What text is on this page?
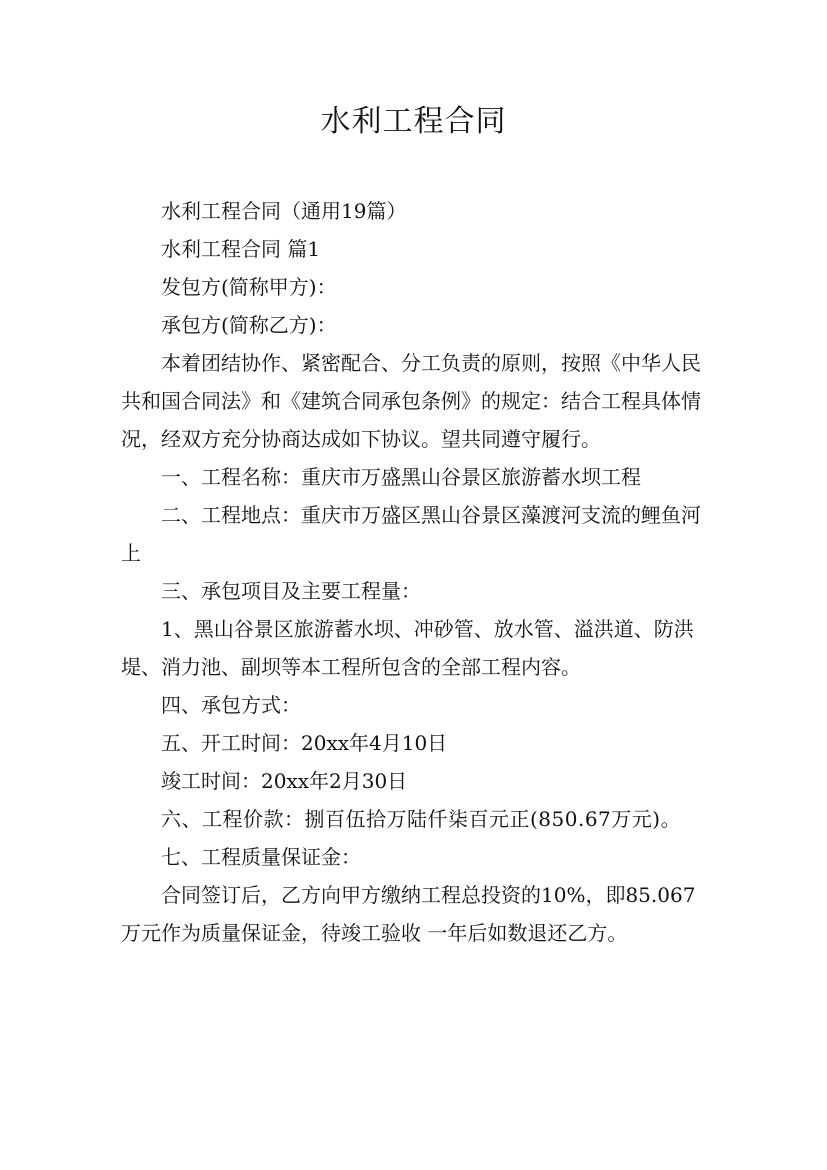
水利工程合同

水利工程合同（通用19篇）

水利工程合同 篇1

发包方(简称甲方)：

承包方(简称乙方)：

本着团结协作、紧密配合、分工负责的原则，按照《中华人民共和国合同法》和《建筑合同承包条例》的规定：结合工程具体情况，经双方充分协商达成如下协议。望共同遵守履行。

一、工程名称：重庆市万盛黑山谷景区旅游蓄水坝工程

二、工程地点：重庆市万盛区黑山谷景区藻渡河支流的鲤鱼河上

三、承包项目及主要工程量：

1、黑山谷景区旅游蓄水坝、冲砂管、放水管、溢洪道、防洪堤、消力池、副坝等本工程所包含的全部工程内容。

四、承包方式：

五、开工时间：20xx年4月10日

竣工时间：20xx年2月30日

六、工程价款：捌百伍拾万陆仟柒百元正(850.67万元)。

七、工程质量保证金：

合同签订后，乙方向甲方缴纳工程总投资的10%，即85.067万元作为质量保证金，待竣工验收 一年后如数退还乙方。
